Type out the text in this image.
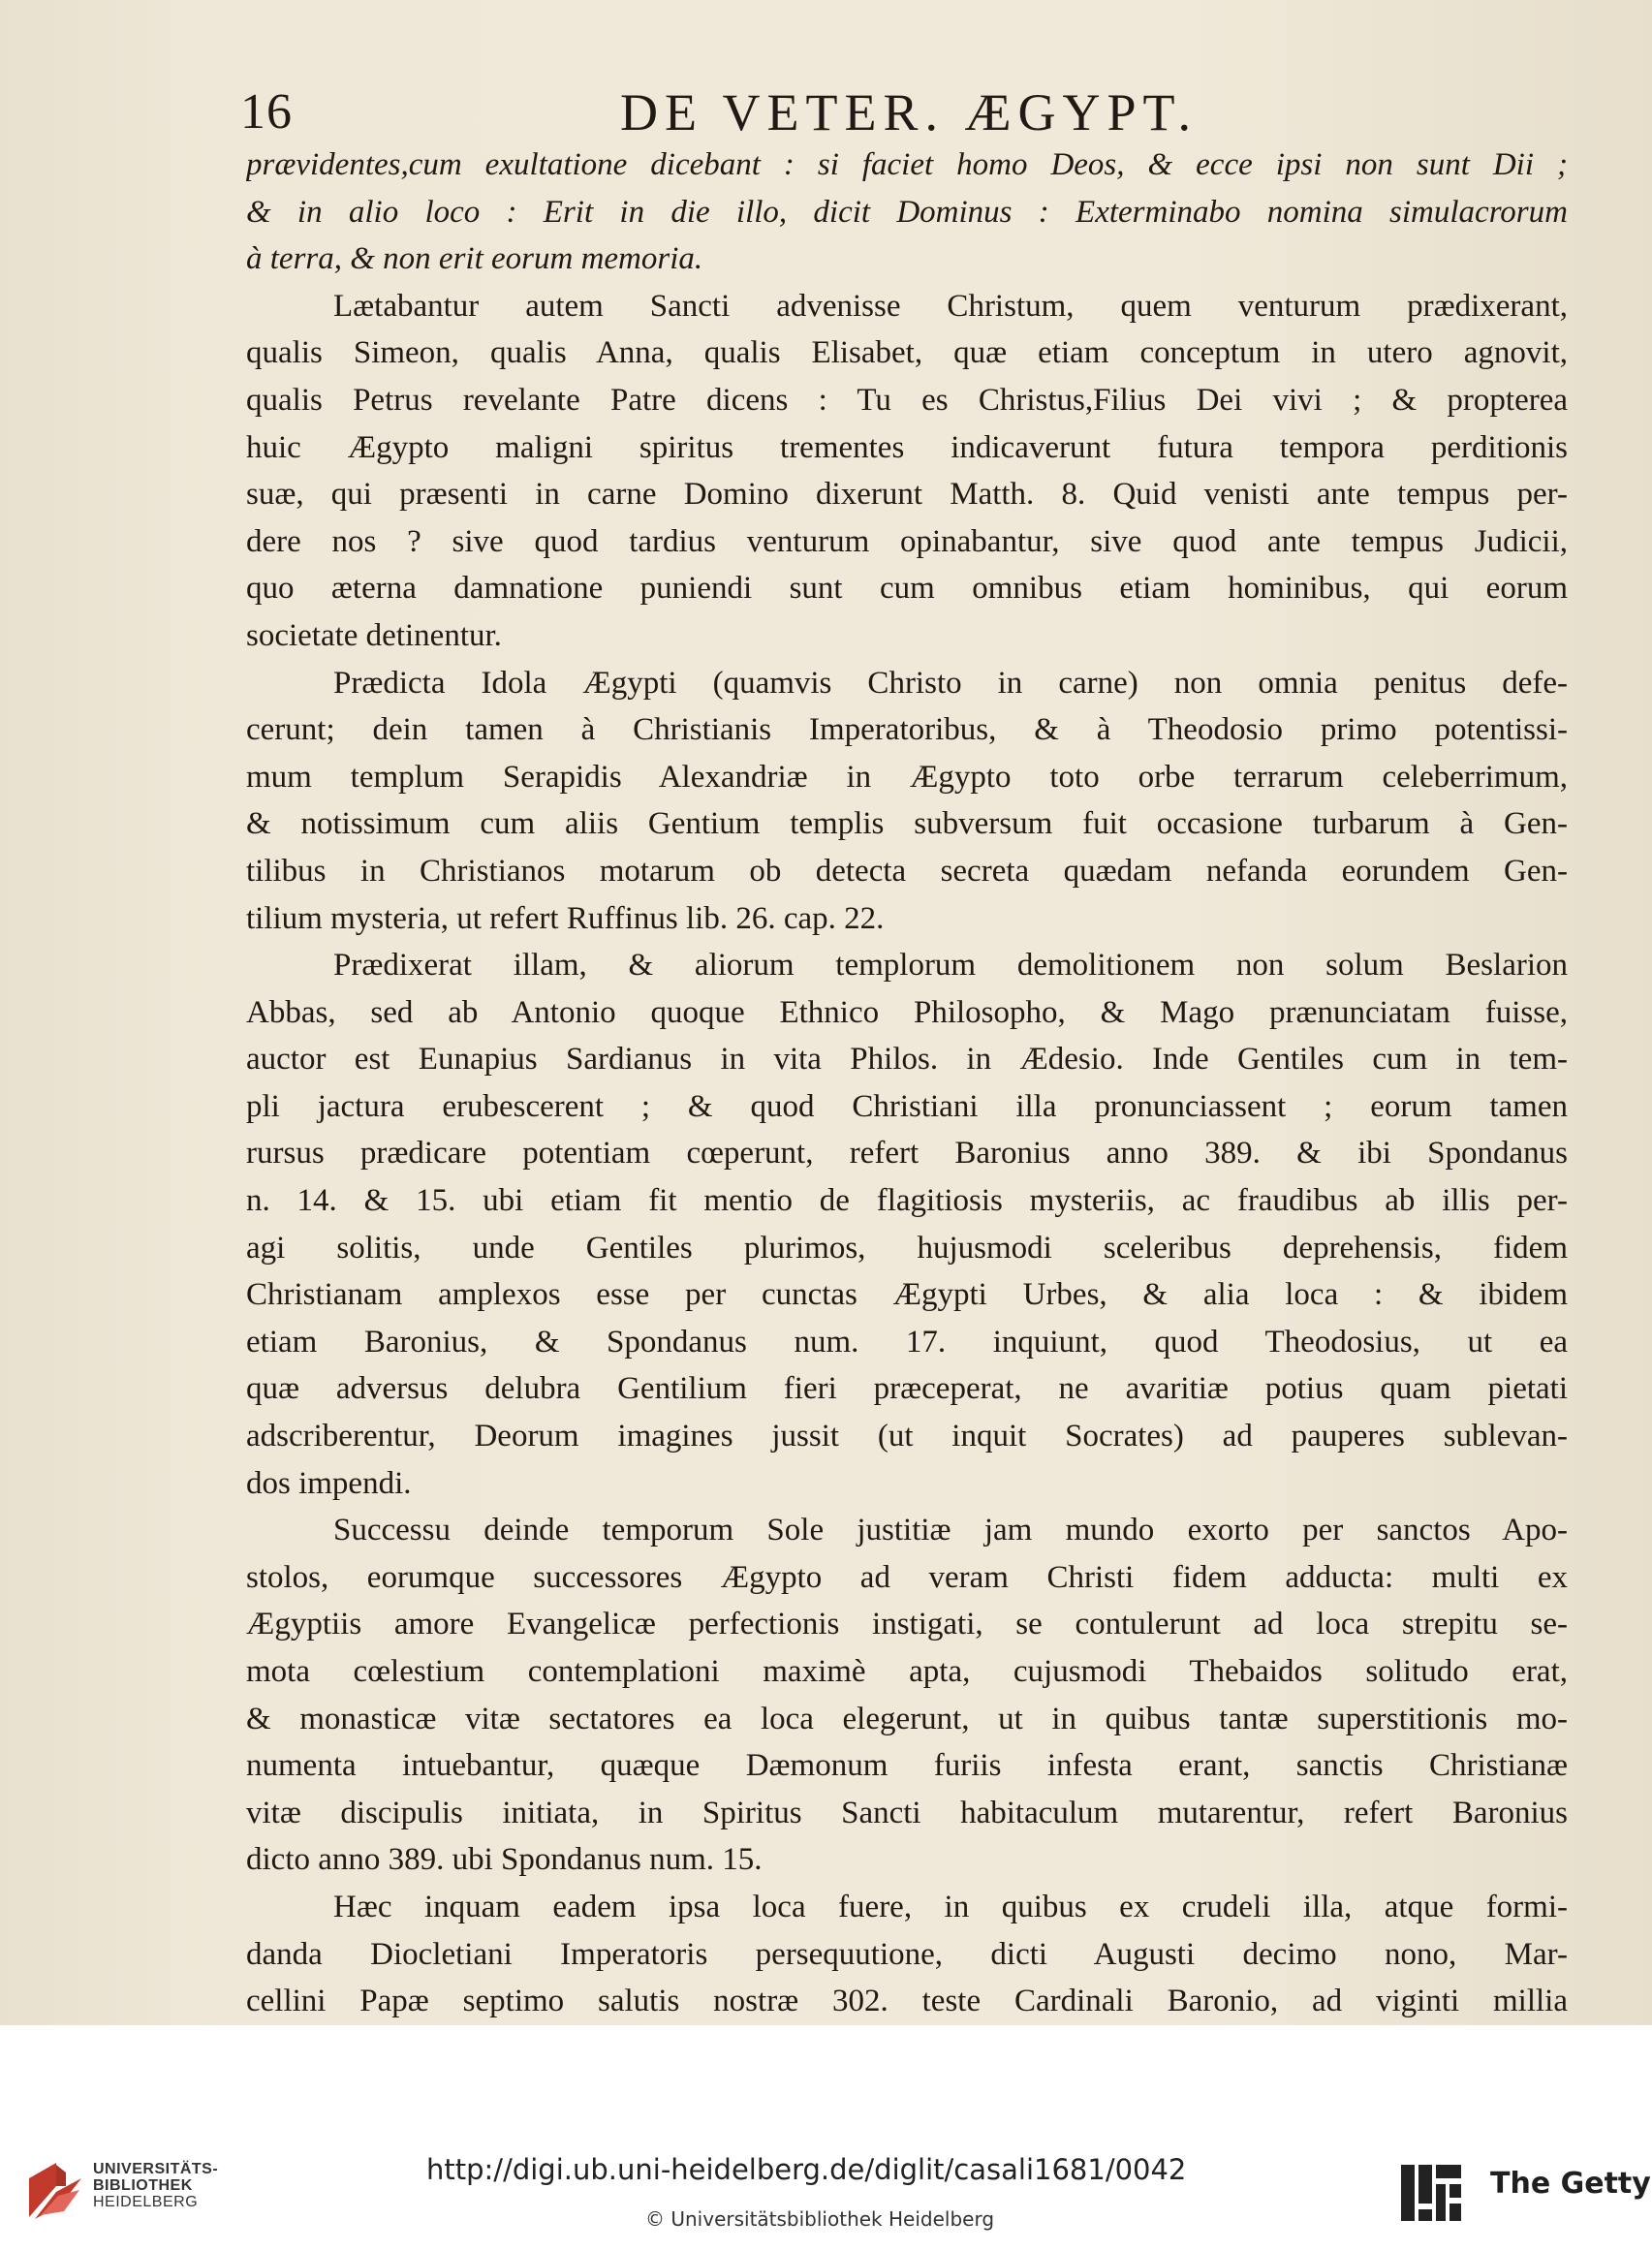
16	DE VETER. ÆGYPT.
prævidentes,cum exultatione dicebant : si faciet homo Deos, & ecce ipsi non sunt Dii ;
& in alio loco : Erit in die illo, dicit Dominus : Exterminabo nomina simulacrorum
à terra, & non erit eorum memoria.
Lætabantur autem Sancti advenisse Christum, quem venturum prædixerant,
qualis Simeon, qualis Anna, qualis Elisabet, quæ etiam conceptum in utero agnovit,
qualis Petrus revelante Patre dicens : Tu es Christus,Filius Dei vivi ; & propterea
huic Ægypto maligni spiritus trementes indicaverunt futura tempora perditionis
suæ, qui præsenti in carne Domino dixerunt Matth. 8. Quid venisti ante tempus per-
dere nos ? sive quod tardius venturum opinabantur, sive quod ante tempus Judicii,
quo æterna damnatione puniendi sunt cum omnibus etiam hominibus, qui eorum
societate detinentur.
Prædicta Idola Ægypti (quamvis Christo in carne) non omnia penitus defe-
cerunt; dein tamen à Christianis Imperatoribus, & à Theodosio primo potentissi-
mum templum Serapidis Alexandriæ in Ægypto toto orbe terrarum celeberrimum,
& notissimum cum aliis Gentium templis subversum fuit occasione turbarum à Gen-
tilibus in Christianos motarum ob detecta secreta quædam nefanda eorundem Gen-
tilium mysteria, ut refert Ruffinus lib. 26. cap. 22.
Prædixerat illam, & aliorum templorum demolitionem non solum Beslarion
Abbas, sed ab Antonio quoque Ethnico Philosopho, & Mago prænunciatam fuisse,
auctor est Eunapius Sardianus in vita Philos. in Ædesio. Inde Gentiles cum in tem-
pli jactura erubescerent ; & quod Christiani illa pronunciassent ; eorum tamen
rursus prædicare potentiam cœperunt, refert Baronius anno 389. & ibi Spondanus
n. 14. & 15. ubi etiam fit mentio de flagitiosis mysteriis, ac fraudibus ab illis per-
agi solitis, unde Gentiles plurimos, hujusmodi sceleribus deprehensis, fidem
Christianam amplexos esse per cunctas Ægypti Urbes, & alia loca : & ibidem
etiam Baronius, & Spondanus num. 17. inquiunt, quod Theodosius, ut ea
quæ adversus delubra Gentilium fieri præceperat, ne avaritiæ potius quam pietati
adscriberentur, Deorum imagines jussit (ut inquit Socrates) ad pauperes sublevan-
dos impendi.
Successu deinde temporum Sole justitiæ jam mundo exorto per sanctos Apo-
stolos, eorumque successores Ægypto ad veram Christi fidem adducta: multi ex
Ægyptiis amore Evangelicæ perfectionis instigati, se contulerunt ad loca strepitu se-
mota cœlestium contemplationi maximè apta, cujusmodi Thebaidos solitudo erat,
& monasticæ vitæ sectatores ea loca elegerunt, ut in quibus tantæ superstitionis mo-
numenta intuebantur, quæque Dæmonum furiis infesta erant, sanctis Christianæ
vitæ discipulis initiata, in Spiritus Sancti habitaculum mutarentur, refert Baronius
dicto anno 389. ubi Spondanus num. 15.
Hæc inquam eadem ipsa loca fuere, in quibus ex crudeli illa, atque formi-
danda Diocletiani Imperatoris persequutione, dicti Augusti decimo nono, Mar-
cellini Papæ septimo salutis nostræ 302. teste Cardinali Baronio, ad viginti millia
UNIVERSITÄTS-
BIBLIOTHEK
HEIDELBERG
http://digi.ub.uni-heidelberg.de/diglit/casali1681/0042
© Universitätsbibliothek Heidelberg
The Getty
